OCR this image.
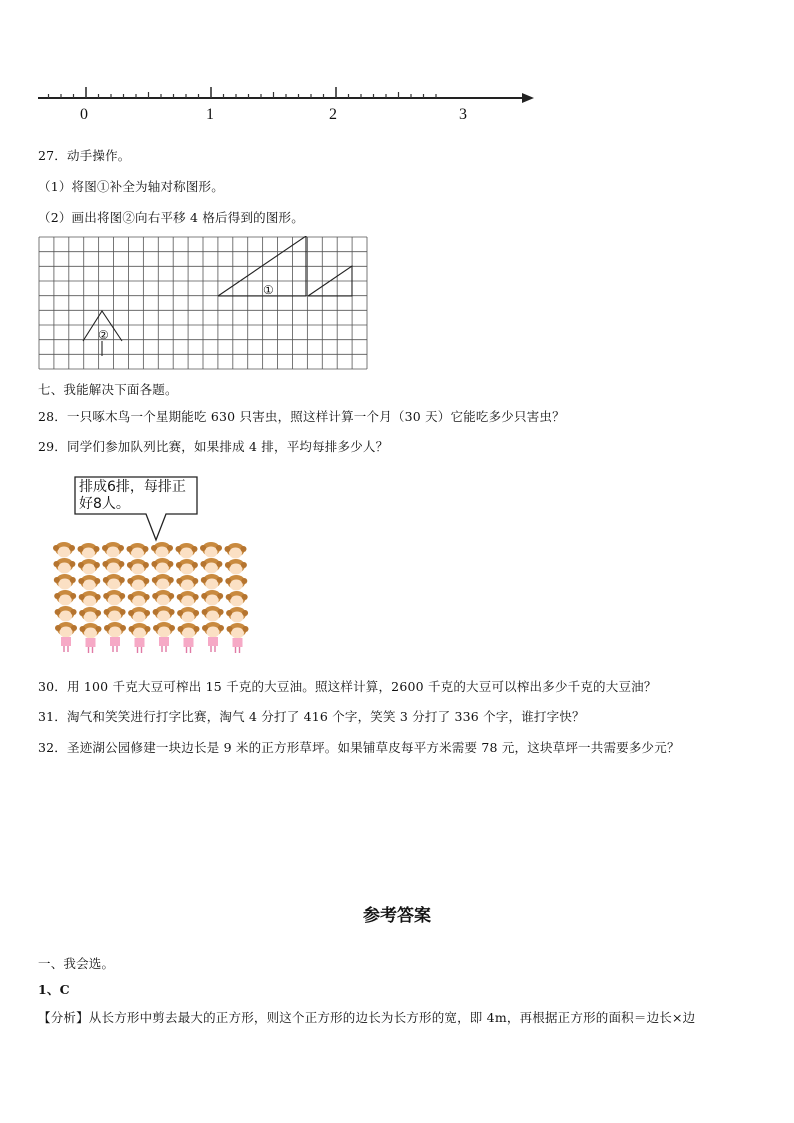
0	1	2	3
27．动手操作。
（1）将图①补全为轴对称图形。
（2）画出将图②向右平移 4 格后得到的图形。
①
②
七、我能解决下面各题。
28．一只啄木鸟一个星期能吃 630 只害虫，照这样计算一个月（30 天）它能吃多少只害虫？
29．同学们参加队列比赛，如果排成 4 排，平均每排多少人？
排成6排，每排正
好8人。
30．用 100 千克大豆可榨出 15 千克的大豆油。照这样计算，2600 千克的大豆可以榨出多少千克的大豆油？
31．淘气和笑笑进行打字比赛，淘气 4 分打了 416 个字，笑笑 3 分打了 336 个字，谁打字快？
32．圣迹湖公园修建一块边长是 9 米的正方形草坪。如果铺草皮每平方米需要 78 元，这块草坪一共需要多少元？
参考答案
一、我会选。
1、C
【分析】从长方形中剪去最大的正方形，则这个正方形的边长为长方形的宽，即 4m，再根据正方形的面积＝边长×边
